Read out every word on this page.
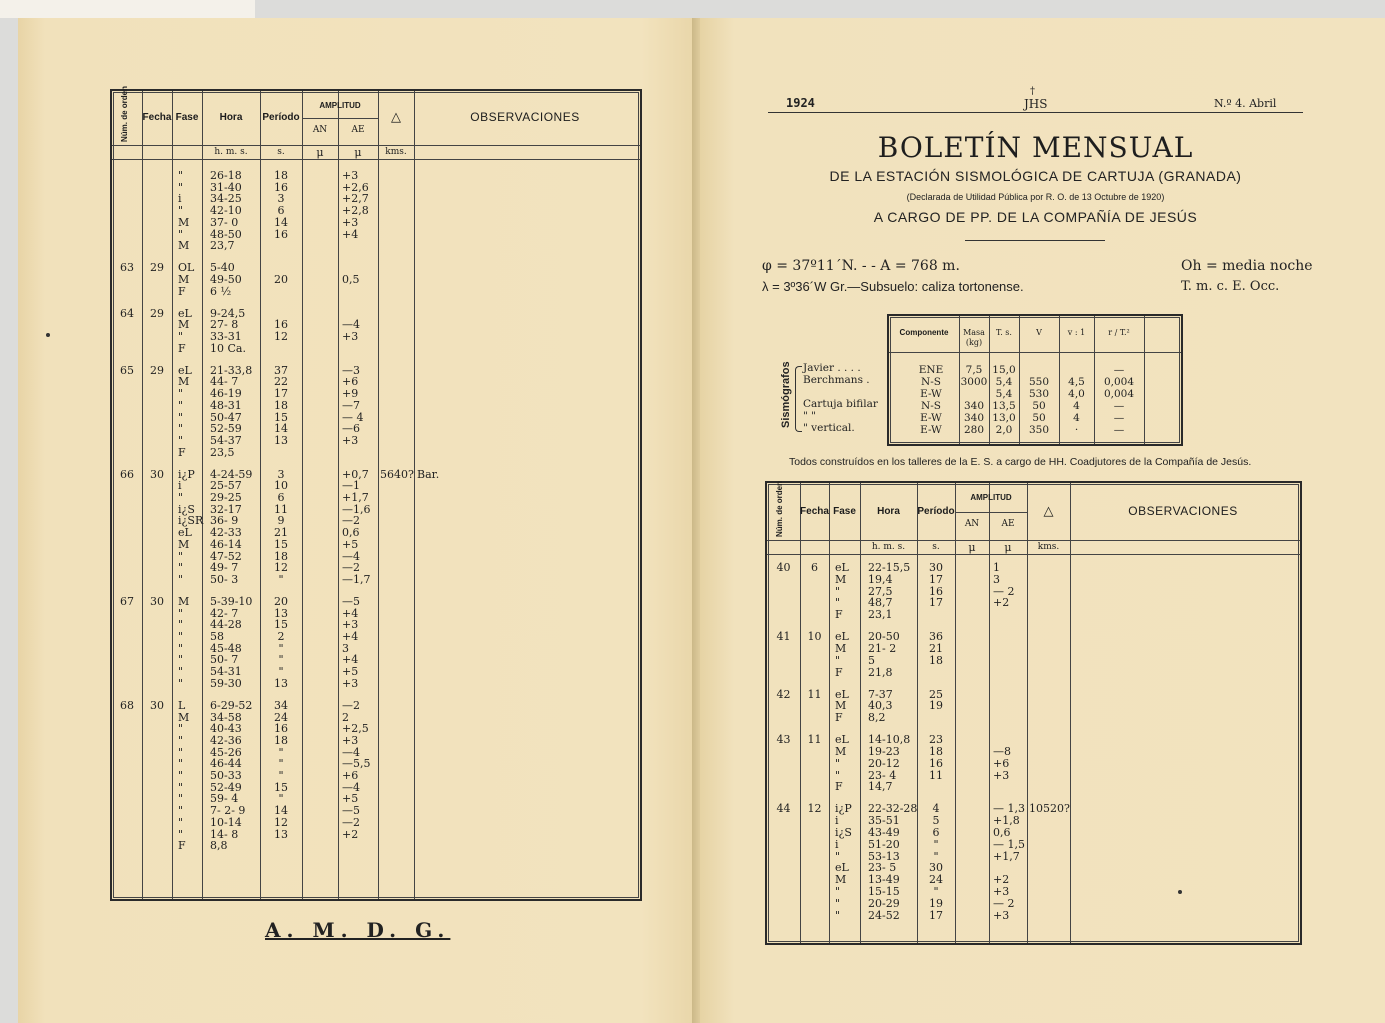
Núm. de orden Fecha Fase	Hora	Período
AMPLITUD
AN	AE
△	OBSERVACIONES
h. m. s.	s.	μ	μ	kms.
"	26-18	18	+3
"	31-40	16	+2,6
i	34-25	3	+2,7
"	42-10	6	+2,8
M	37- 0	14	+3
"	48-50	16	+4
M	23,7
63	29	OL	5-40
M	49-50	20	0,5
F	6 ½
64	29	eL	9-24,5
M	27- 8	16	—4
"	33-31	12	+3
F	10 Ca.
65	29	eL	21-33,8	37	—3
M	44- 7	22	+6
"	46-19	17	+9
"	48-31	18	—7
"	50-47	15	— 4
"	52-59	14	—6
"	54-37	13	+3
F	23,5
66	30	i¿P	4-24-59	3	+0,7	5640? Bar.
i	25-57	10	—1
"	29-25	6	+1,7
i¿S	32-17	11	—1,6
i¿SR 36- 9	9	—2
eL	42-33	21	0,6
M	46-14	15	+5
"	47-52	18	—4
"	49- 7	12	—2
"	50- 3	"	—1,7
67	30	M	5-39-10	20	—5
"	42- 7	13	+4
"	44-28	15	+3
"	58	2	+4
"	45-48	"	3
"	50- 7	"	+4
"	54-31	"	+5
"	59-30	13	+3
68	30	L	6-29-52	34	—2
M	34-58	24	2
"	40-43	16	+2,5
"	42-36	18	+3
"	45-26	"	—4
"	46-44	"	—5,5
"	50-33	"	+6
"	52-49	15	—4
"	59- 4	"	+5
"	7- 2- 9	14	—5
"	10-14	12	—2
"	14- 8	13	+2
F	8,8
A. M. D. G.
1924
†
JHS	N.º 4. Abril
BOLETÍN MENSUAL
DE LA ESTACIÓN SISMOLÓGICA DE CARTUJA (GRANADA)
(Declarada de Utilidad Pública por R. O. de 13 Octubre de 1920)
A CARGO DE PP. DE LA COMPAÑÍA DE JESÚS
φ = 37º11´N. - - A = 768 m.
λ = 3º36´W Gr.—Subsuelo: caliza tortonense.
Oh = media noche
T. m. c. E. Occ.
Componente	Masa (kg)
T. s.	V	v : 1	r / T.²
ENE	7,5 15,0	—
N-S	3000 5,4	550	4,5	0,004
E-W	5,4	530	4,0	0,004
N-S	340 13,5	50	4	—
E-W	340 13,0	50	4	—
E-W	280	2,0	350	·	—
Sismógrafos Javier . . . .
Berchmans .
Cartuja bifilar
" "
" vertical.
Todos construídos en los talleres de la E. S. a cargo de HH. Coadjutores de la Compañía de Jesús.
Núm. de orden Fecha Fase	Hora	Período
AMPLITUD
AN	AE
△	OBSERVACIONES
h. m. s.	s.	μ	μ	kms.
40	6	eL	22-15,5	30	1
M	19,4	17	3
"	27,5	16	— 2
"	48,7	17	+2
F	23,1
41	10	eL	20-50	36
M	21- 2	21
"	5	18
F	21,8
42	11	eL	7-37	25
M	40,3	19
F	8,2
43	11	eL	14-10,8	23
M	19-23	18	—8
"	20-12	16	+6
"	23- 4	11	+3
F	14,7
44	12	i¿P	22-32-28	4	— 1,3 10520?
i	35-51	5	+1,8
i¿S	43-49	6	0,6
i	51-20	"	— 1,5
"	53-13	"	+1,7
eL	23- 5	30
M	13-49	24	+2
"	15-15	"	+3
"	20-29	19	— 2
"	24-52	17	+3
